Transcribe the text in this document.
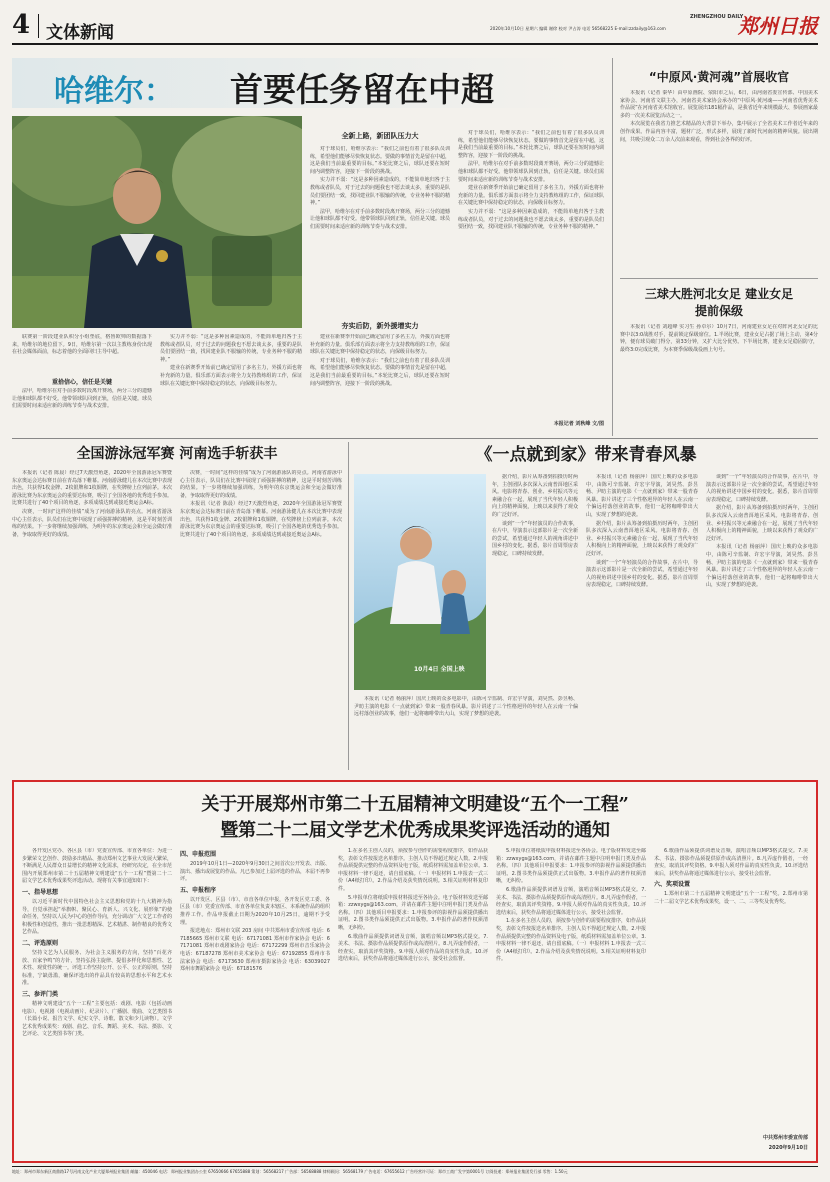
4 文体新闻	2020年10月10日 星期六 编辑 谢徐 校对 尹占涛 电话 56568225 E-mail:zzdaily@163.com
ZHENGZHOU DAILY
郑州日报
哈维尔： 首要任务留在中超

联赛第一阶段建业队积分小组垫底，格鲁欧帅的数据落下来，哈维尔的地位留下。9日，哈维尔第一次以主教练身份出现在社会媒体面前，标志着他的全面回归主导中超。

重拾信心，信任是关键

法甲，哈维尔在对手前多数时段离开赛场，两分三分的遗憾让他和球队都不好受。他带领球队回到正轨，信任是关键。球员们需要时间来适应新的训练节奏与战术安排。

实力并不弱：“这是多种因素造成的，不能简单地归咎于主教练或者队员，对于过去的问题我也不愿去谈太多，重要的是队员们要团结一致，找回建业队不服输的传统，专业务种不服的精神。”

建业在新赛季开始前已确定留用了多名主力，外援方面也将补充新的力量。俱乐部方面表示将全力支持教练组的工作，保证球队在关键比赛中保持稳定的状态，向保级目标努力。

全新上路，新团队压力大

对于球员们，哈维尔表示：“我们之前也有着了很多队员训练，希望他们能够尽快恢复状态。要做的事情首先是留在中超，这是我们当前最重要的目标。”本轮比赛之后，球队还要在短时间内调整阵容，迎接下一阶段的挑战。

实力并不弱：“这是多种因素造成的，不能简单地归咎于主教练或者队员，对于过去的问题我也不愿去谈太多，重要的是队员们要团结一致，找回建业队不服输的传统，专业务种不服的精神。”

法甲，哈维尔在对手前多数时段离开赛场，两分三分的遗憾让他和球队都不好受。他带领球队回到正轨，信任是关键。球员们需要时间来适应新的训练节奏与战术安排。

夯实后防，新外援增实力

建业在新赛季开始前已确定留用了多名主力，外援方面也将补充新的力量。俱乐部方面表示将全力支持教练组的工作，保证球队在关键比赛中保持稳定的状态，向保级目标努力。

对于球员们，哈维尔表示：“我们之前也有着了很多队员训练，希望他们能够尽快恢复状态。要做的事情首先是留在中超，这是我们当前最重要的目标。”本轮比赛之后，球队还要在短时间内调整阵容，迎接下一阶段的挑战。

对于球员们，哈维尔表示：“我们之前也有着了很多队员训练，希望他们能够尽快恢复状态。要做的事情首先是留在中超，这是我们当前最重要的目标。”本轮比赛之后，球队还要在短时间内调整阵容，迎接下一阶段的挑战。

法甲，哈维尔在对手前多数时段离开赛场，两分三分的遗憾让他和球队都不好受。他带领球队回到正轨，信任是关键。球员们需要时间来适应新的训练节奏与战术安排。

建业在新赛季开始前已确定留用了多名主力，外援方面也将补充新的力量。俱乐部方面表示将全力支持教练组的工作，保证球队在关键比赛中保持稳定的状态，向保级目标努力。

实力并不弱：“这是多种因素造成的，不能简单地归咎于主教练或者队员，对于过去的问题我也不愿去谈太多，重要的是队员们要团结一致，找回建业队不服输的传统，专业务种不服的精神。”

本报记者 刘秋峰 文/图
“中原风·黄河魂”首展收官

本报讯（记者 秦华）由中原画院、荥阳市之后，6日，由河南省委宣传部、中国美术家协会、河南省文联主办，河南省美术家协会承办的“中原风·黄河魂——河南省优秀美术作品展”在河南省美术馆收官。展览展出181幅作品，是我省近年来规模最大、参展画家最多的一次美术展览活动之一。

本次展览在我省力推艺术精品的大背景下举办，集中展示了全省美术工作者近年来的创作成果。作品内容丰富，题材广泛，形式多样，展现了新时代河南的精神风貌。展出期间，共吸引观众二万余人次前来观看，得到社会各界的好评。

三球大胜河北女足 建业女足提前保级

本报讯（记者 刘超峰 实习生 孙卓尔）10月7日，河南建业女足在对阵河北女足的比赛中以3:0战胜对手，提前锁定保级席位。1.半场比赛，建业女足占据了场上主动，第4分钟，便有球员破门得分，第33分钟，又扩大比分优势。下半场比赛，建业女足稳固防守，最终3:0完成比赛，为本赛季保级战役画上句号。

全国游泳冠军赛 河南选手斩获丰

本报讯（记者 陈晨）经过7天激烈角逐，2020年全国游泳冠军赛暨东京奥运会达标赛日前在青岛落下帷幕。河南游泳健儿在本次比赛中表现出色，共获得1枚金牌、2枚银牌和1枚铜牌，在奖牌榜上位列前茅。本次游泳比赛为东京奥运会的重要达标赛，吸引了全国各地的优秀选手参加。比赛共进行了40个项目的角逐，多项成绩达到或接近奥运会A标。

决赛，一时间“这样的佳绩”成为了河南游泳队的亮点。河南省游泳中心主任表示，队员们在比赛中展现了顽强拼搏的精神，这是平时刻苦训练的结果。下一步将继续加强训练，为明年的东京奥运会和全运会做好准备，争取取得更好的成绩。

决赛，一时间“这样的佳绩”成为了河南游泳队的亮点。河南省游泳中心主任表示，队员们在比赛中展现了顽强拼搏的精神，这是平时刻苦训练的结果。下一步将继续加强训练，为明年的东京奥运会和全运会做好准备，争取取得更好的成绩。

本报讯（记者 陈晨）经过7天激烈角逐，2020年全国游泳冠军赛暨东京奥运会达标赛日前在青岛落下帷幕。河南游泳健儿在本次比赛中表现出色，共获得1枚金牌、2枚银牌和1枚铜牌，在奖牌榜上位列前茅。本次游泳比赛为东京奥运会的重要达标赛，吸引了全国各地的优秀选手参加。比赛共进行了40个项目的角逐，多项成绩达到或接近奥运会A标。

《一点就到家》带来青春风暴
10月4日 全国上映

据介绍，影片从筹备到拍摄历时两年，主创团队多次深入云南普洱地区采风。电影将青春、创业、乡村振兴等元素融合在一起，展现了当代年轻人积极向上的精神面貌，上映以来获得了观众的广泛好评。

谈到“一个”年轻演员的合作故事，在片中，导演表示这部影片是一次全新的尝试，希望通过年轻人的视角讲述中国乡村的变化。据悉，影片首周票房表现稳定，口碑持续发酵。

本报讯（记者 杨丽萍）国庆上映的众多电影中，由陈可辛监制、许宏宇导演，刘昊然、彭昱畅、尹昉主演的电影《一点就到家》带来一股青春风暴。影片讲述了三个性格迥异的年轻人在云南一个偏远村落创业的故事，他们一起将咖啡带出大山，实现了梦想的逆袭。

本报讯（记者 杨丽萍）国庆上映的众多电影中，由陈可辛监制、许宏宇导演，刘昊然、彭昱畅、尹昉主演的电影《一点就到家》带来一股青春风暴。影片讲述了三个性格迥异的年轻人在云南一个偏远村落创业的故事，他们一起将咖啡带出大山，实现了梦想的逆袭。

据介绍，影片从筹备到拍摄历时两年，主创团队多次深入云南普洱地区采风。电影将青春、创业、乡村振兴等元素融合在一起，展现了当代年轻人积极向上的精神面貌，上映以来获得了观众的广泛好评。

谈到“一个”年轻演员的合作故事，在片中，导演表示这部影片是一次全新的尝试，希望通过年轻人的视角讲述中国乡村的变化。据悉，影片首周票房表现稳定，口碑持续发酵。

谈到“一个”年轻演员的合作故事，在片中，导演表示这部影片是一次全新的尝试，希望通过年轻人的视角讲述中国乡村的变化。据悉，影片首周票房表现稳定，口碑持续发酵。

据介绍，影片从筹备到拍摄历时两年，主创团队多次深入云南普洱地区采风。电影将青春、创业、乡村振兴等元素融合在一起，展现了当代年轻人积极向上的精神面貌，上映以来获得了观众的广泛好评。

本报讯（记者 杨丽萍）国庆上映的众多电影中，由陈可辛监制、许宏宇导演，刘昊然、彭昱畅、尹昉主演的电影《一点就到家》带来一股青春风暴。影片讲述了三个性格迥异的年轻人在云南一个偏远村落创业的故事，他们一起将咖啡带出大山，实现了梦想的逆袭。

关于开展郑州市第二十五届精神文明建设“五个一工程”
暨第二十二届文学艺术优秀成果奖评选活动的通知

各开发区党办、各区县（市）党委宣传部、市直各单位：为进一步繁荣文艺创作、鼓励多出精品、推动郑州文艺事业大发展大繁荣，不断满足人民群众日益增长的精神文化需求，经研究决定，在全市范围内开展郑州市第二十五届精神文明建设“五个一工程”暨第二十二届文学艺术优秀成果奖评选活动。现将有关事宜通知如下：

一、指导思想

以习近平新时代中国特色社会主义思想和党的十九大精神为指导，自觉承担起“举旗帜、聚民心、育新人、兴文化、展形象”的使命任务，坚持以人民为中心的创作导向，充分调动广大文艺工作者的积极性和创造性，推出一批思想精深、艺术精湛、制作精良的优秀文艺作品。

二、评选原则

坚持文艺为人民服务、为社会主义服务的方向，坚持“百花齐放、百家争鸣”的方针，坚持弘扬主旋律、提倡多样化和思想性、艺术性、观赏性的统一。评选工作坚持公开、公平、公正的原则，坚持标准，宁缺毋滥，确保评选出的作品具有较高的思想水平和艺术水准。

三、参评门类

精神文明建设“五个一工程”主要包括：戏剧、电影（包括动画电影）、电视剧（电视动画片、纪录片）、广播剧、歌曲、文艺类图书（长篇小说、报告文学、纪实文学、诗歌、散文和少儿读物）。文学艺术优秀成果奖：戏剧、曲艺、音乐、舞蹈、美术、书法、摄影、文艺评论、文艺类图书等门类。

四、申报范围

2019年10月1日—2020年9月30日之间首次公开发表、出版、演出、播出或展览的作品。凡已参加过上届评选的作品，本届不再参评。

五、申报程序

以开发区、区县（市）、市直各单位申报，各开发区党工委、各区县（市）党委宣传部、市直各单位负责本辖区、本系统作品的组织推荐工作。作品申报截止日期为2020年10月25日，逾期不予受理。

报送地点：郑州市文联 203 房间 中共郑州市委宣传部 电话：67185665 郑州市文联 电话：67171081 郑州市作家协会 电话：67171081 郑州市戏剧家协会 电话：67172299 郑州市音乐家协会 电话：67187278 郑州市美术家协会 电话：67192855 郑州市书法家协会 电话：67173630 郑州市摄影家协会 电话：63039027 郑州市舞蹈家协会 电话：67181576

1.在多名主创人员的，须按参与创作的需要程度排序，如作品获奖，表彰文件按报送名单排序。主创人员不得超过规定人数。2.申报作品须提供完整的作品资料及电子版，纸质材料需加盖单位公章。3.申报材料一律不退还，请自留底稿。（一）申报材料 1.申报表一式三份（A4纸打印）。2.作品介绍及获奖情况说明。3.相关证明材料复印件。

5.申报单位将纸质申报材料报送至各协会。电子版材料发送至邮箱：zzwxygs@163.com，并请在邮件主题中注明申报门类及作品名称。（四）其他项目申报要求：1.申报参评的影视作品须提供播出证明。2.图书类作品须提供正式出版物。3.申报作品的著作权须清晰，无纠纷。

6.歌曲作品须提供词谱及音频，演唱音频以MP3格式提交。7.美术、书法、摄影作品须提供原作或高清照片。8.凡弄虚作假者，一经查实，取消其评奖资格。9.申报人须对作品的真实性负责。10.评选结束后，获奖作品将通过媒体进行公示，接受社会监督。

5.申报单位将纸质申报材料报送至各协会。电子版材料发送至邮箱：zzwxygs@163.com，并请在邮件主题中注明申报门类及作品名称。（四）其他项目申报要求：1.申报参评的影视作品须提供播出证明。2.图书类作品须提供正式出版物。3.申报作品的著作权须清晰，无纠纷。

6.歌曲作品须提供词谱及音频，演唱音频以MP3格式提交。7.美术、书法、摄影作品须提供原作或高清照片。8.凡弄虚作假者，一经查实，取消其评奖资格。9.申报人须对作品的真实性负责。10.评选结束后，获奖作品将通过媒体进行公示，接受社会监督。

1.在多名主创人员的，须按参与创作的需要程度排序，如作品获奖，表彰文件按报送名单排序。主创人员不得超过规定人数。2.申报作品须提供完整的作品资料及电子版，纸质材料需加盖单位公章。3.申报材料一律不退还，请自留底稿。（一）申报材料 1.申报表一式三份（A4纸打印）。2.作品介绍及获奖情况说明。3.相关证明材料复印件。

6.歌曲作品须提供词谱及音频，演唱音频以MP3格式提交。7.美术、书法、摄影作品须提供原作或高清照片。8.凡弄虚作假者，一经查实，取消其评奖资格。9.申报人须对作品的真实性负责。10.评选结束后，获奖作品将通过媒体进行公示，接受社会监督。

六、奖项设置

1.郑州市第二十五届精神文明建设“五个一工程”奖。2.郑州市第二十二届文学艺术优秀成果奖，设一、二、三等奖及优秀奖。

中共郑州市委宣传部
2020年9月10日
地址：郑州市郑东新区商鼎路17号河南文化产业大厦郑州报业集团 邮编：450046 电话：郑州报业集团办公室 67650666 67655888 策划：56568217 广告部：56568888 律师顾问：56568179 广告电话：67655612 广告经营许可证：郑市工商广发字第0001号 订阅投递：郑州报业集团发行部 零售：1.50元
